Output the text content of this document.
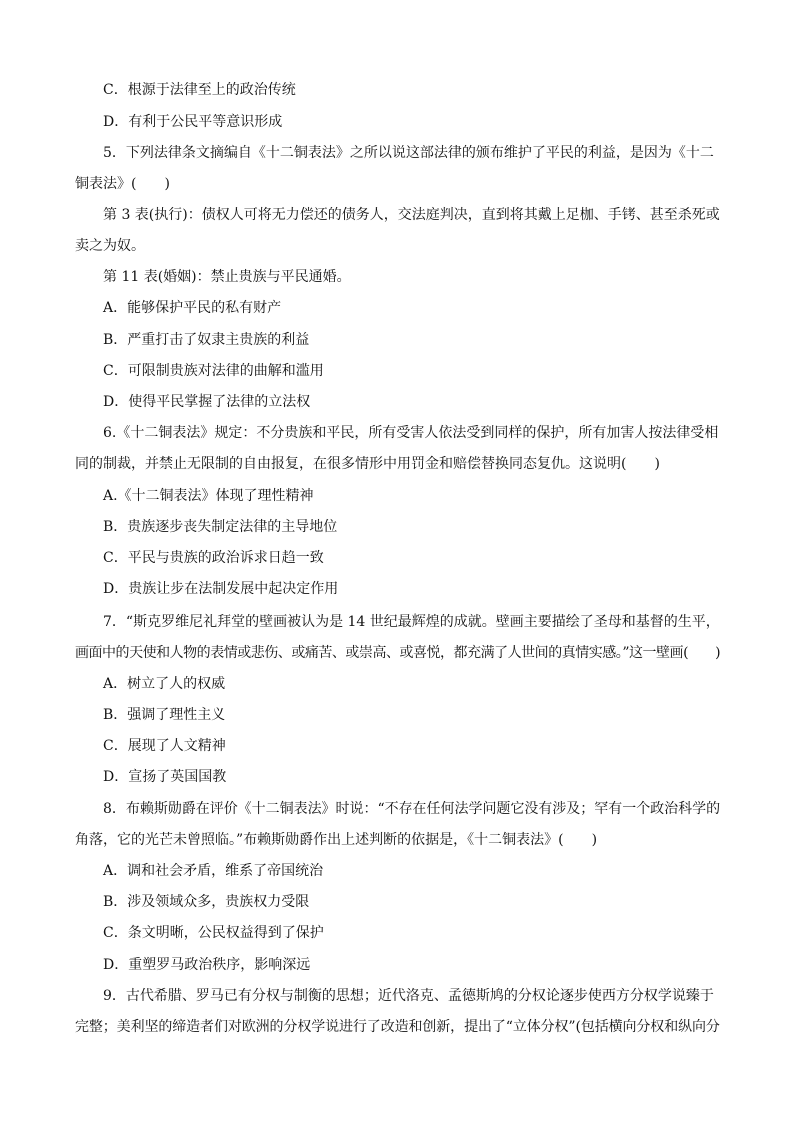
C．根源于法律至上的政治传统

D．有利于公民平等意识形成

5．下列法律条文摘编自《十二铜表法》之所以说这部法律的颁布维护了平民的利益，是因为《十二

铜表法》(　　)

第 3 表(执行)：债权人可将无力偿还的债务人，交法庭判决，直到将其戴上足枷、手铐、甚至杀死或

卖之为奴。

第 11 表(婚姻)：禁止贵族与平民通婚。

A．能够保护平民的私有财产

B．严重打击了奴隶主贵族的利益

C．可限制贵族对法律的曲解和滥用

D．使得平民掌握了法律的立法权

6.《十二铜表法》规定：不分贵族和平民，所有受害人依法受到同样的保护，所有加害人按法律受相

同的制裁，并禁止无限制的自由报复，在很多情形中用罚金和赔偿替换同态复仇。这说明(　　)

A.《十二铜表法》体现了理性精神

B．贵族逐步丧失制定法律的主导地位

C．平民与贵族的政治诉求日趋一致

D．贵族让步在法制发展中起决定作用

7．“斯克罗维尼礼拜堂的壁画被认为是 14 世纪最辉煌的成就。壁画主要描绘了圣母和基督的生平，

画面中的天使和人物的表情或悲伤、或痛苦、或崇高、或喜悦，都充满了人世间的真情实感。”这一壁画(　　)

A．树立了人的权威

B．强调了理性主义

C．展现了人文精神

D．宣扬了英国国教

8．布赖斯勋爵在评价《十二铜表法》时说：“不存在任何法学问题它没有涉及；罕有一个政治科学的

角落，它的光芒未曾照临。”布赖斯勋爵作出上述判断的依据是，《十二铜表法》(　　)

A．调和社会矛盾，维系了帝国统治

B．涉及领域众多，贵族权力受限

C．条文明晰，公民权益得到了保护

D．重塑罗马政治秩序，影响深远

9．古代希腊、罗马已有分权与制衡的思想；近代洛克、孟德斯鸠的分权论逐步使西方分权学说臻于

完整；美利坚的缔造者们对欧洲的分权学说进行了改造和创新，提出了“立体分权”(包括横向分权和纵向分
